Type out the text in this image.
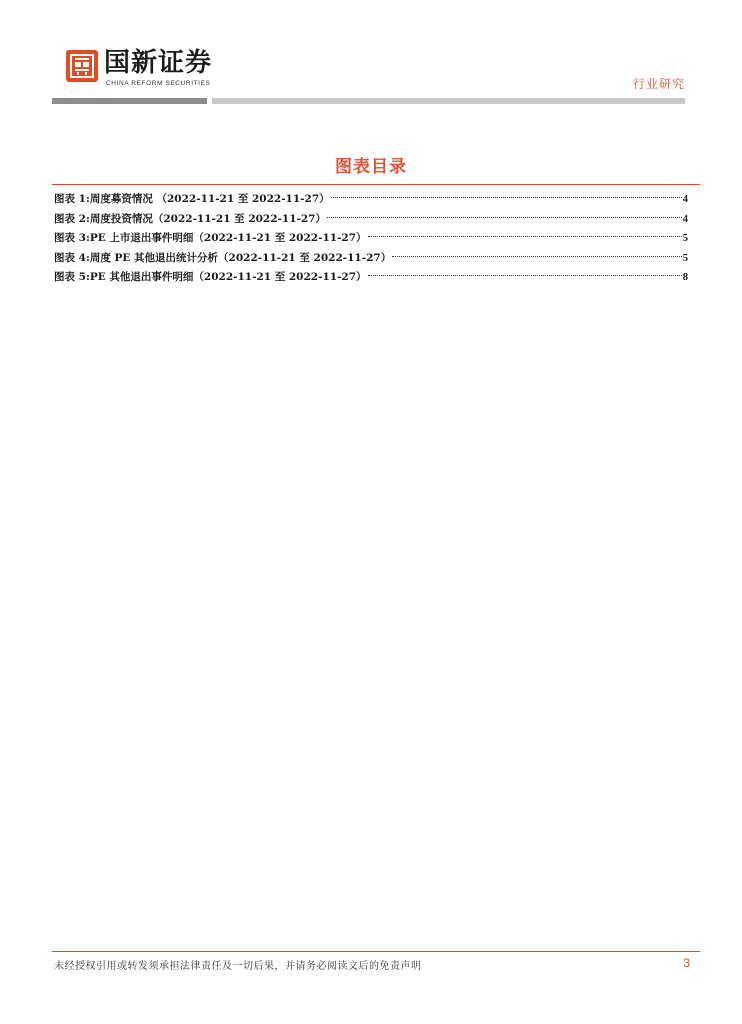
国新证券
CHINA REFORM SECURITIES	行业研究
图表目录
图表 1: 周度募资情况 （2022-11-21 至 2022-11-27）	4
图表 2: 周度投资情况（2022-11-21 至 2022-11-27）	4
图表 3: PE 上市退出事件明细（2022-11-21 至 2022-11-27）	5
图表 4: 周度 PE 其他退出统计分析（2022-11-21 至 2022-11-27）	5
图表 5: PE 其他退出事件明细（2022-11-21 至 2022-11-27）	8
未经授权引用或转发须承担法律责任及一切后果，并请务必阅读文后的免责声明	3
